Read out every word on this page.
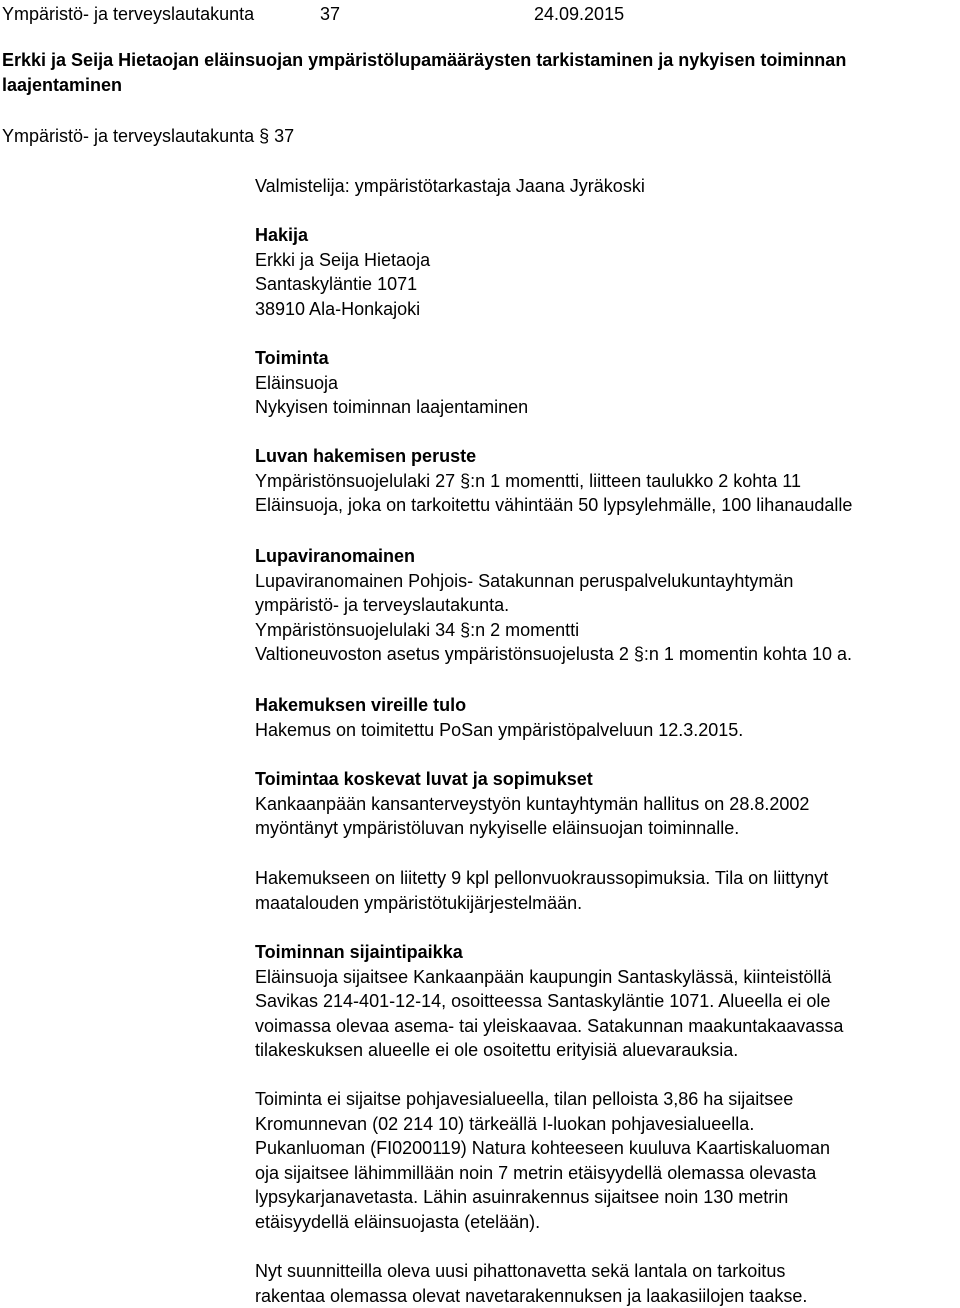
Ympäristö- ja terveyslautakunta	37	24.09.2015
Erkki ja Seija Hietaojan eläinsuojan ympäristölupamääräysten tarkistaminen ja nykyisen toiminnan laajentaminen
Ympäristö- ja terveyslautakunta § 37
Valmistelija: ympäristötarkastaja Jaana Jyräkoski
Hakija
Erkki ja Seija Hietaoja
Santaskyläntie 1071
38910 Ala-Honkajoki
Toiminta
Eläinsuoja
Nykyisen toiminnan laajentaminen
Luvan hakemisen peruste
Ympäristönsuojelulaki 27 §:n 1 momentti, liitteen taulukko 2 kohta 11
Eläinsuoja, joka on tarkoitettu vähintään 50 lypsylehmälle, 100 lihanaudalle
Lupaviranomainen
Lupaviranomainen Pohjois- Satakunnan peruspalvelukuntayhtymän
ympäristö- ja terveyslautakunta.
Ympäristönsuojelulaki 34 §:n 2 momentti
Valtioneuvoston asetus ympäristönsuojelusta 2 §:n 1 momentin kohta 10 a.
Hakemuksen vireille tulo
Hakemus on toimitettu PoSan ympäristöpalveluun 12.3.2015.
Toimintaa koskevat luvat ja sopimukset
Kankaanpään kansanterveystyön kuntayhtymän hallitus on 28.8.2002
myöntänyt ympäristöluvan nykyiselle eläinsuojan toiminnalle.
Hakemukseen on liitetty 9 kpl pellonvuokraussopimuksia. Tila on liittynyt
maatalouden ympäristötukijärjestelmään.
Toiminnan sijaintipaikka
Eläinsuoja sijaitsee Kankaanpään kaupungin Santaskylässä, kiinteistöllä
Savikas 214-401-12-14, osoitteessa Santaskyläntie 1071. Alueella ei ole
voimassa olevaa asema- tai yleiskaavaa. Satakunnan maakuntakaavassa
tilakeskuksen alueelle ei ole osoitettu erityisiä aluevarauksia.
Toiminta ei sijaitse pohjavesialueella, tilan pelloista 3,86 ha sijaitsee
Kromunnevan (02 214 10) tärkeällä I-luokan pohjavesialueella.
Pukanluoman (FI0200119) Natura kohteeseen kuuluva Kaartiskaluoman
oja sijaitsee lähimmillään noin 7 metrin etäisyydellä olemassa olevasta
lypsykarjanavetasta. Lähin asuinrakennus sijaitsee noin 130 metrin
etäisyydellä eläinsuojasta (etelään).
Nyt suunnitteilla oleva uusi pihattonavetta sekä lantala on tarkoitus
rakentaa olemassa olevat navetarakennuksen ja laakasiilojen taakse.
